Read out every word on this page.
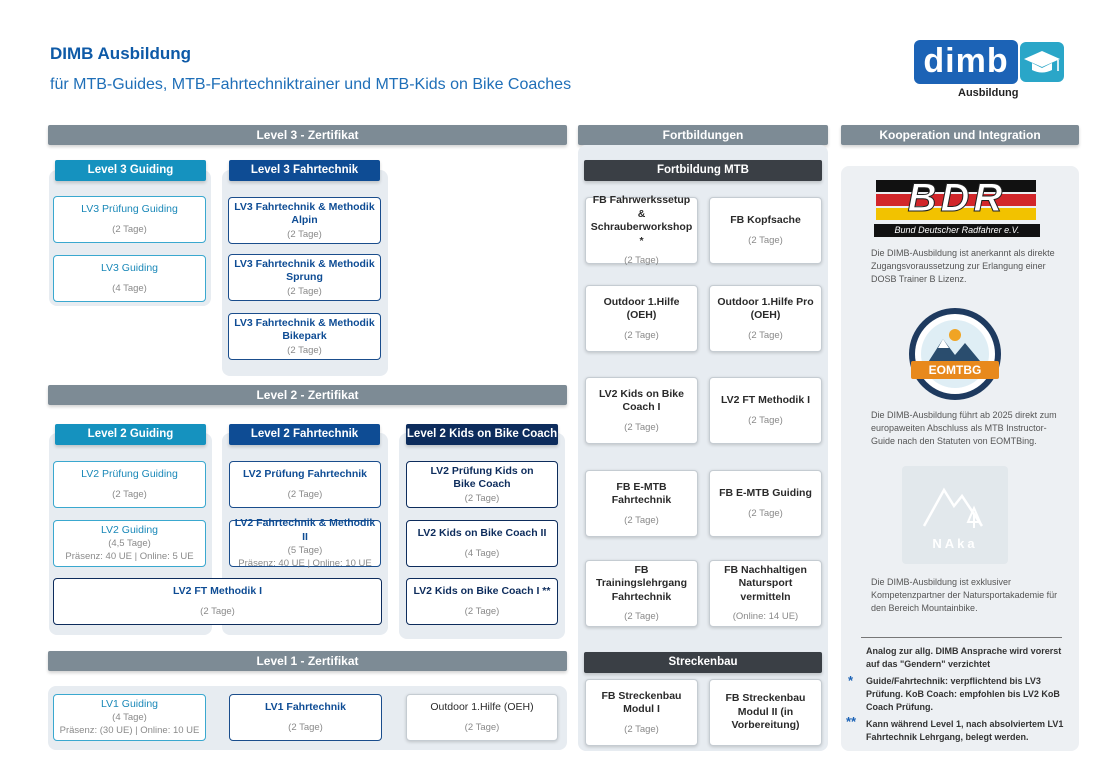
DIMB Ausbildung
für MTB-Guides, MTB-Fahrtechniktrainer und MTB-Kids on Bike Coaches
dimb
Ausbildung
Level 3 - Zertifikat	Fortbildungen	Kooperation und Integration
Level 2 - Zertifikat
Level 1 - Zertifikat
Level 3 Guiding	Level 3 Fahrtechnik
LV3 Prüfung Guiding
(2 Tage)
LV3 Guiding
(4 Tage)
LV3 Fahrtechnik & Methodik Alpin
(2 Tage)
LV3 Fahrtechnik & Methodik Sprung
(2 Tage)
LV3 Fahrtechnik & Methodik Bikepark
(2 Tage)
Level 2 Guiding	Level 2 Fahrtechnik	Level 2 Kids on Bike Coach
LV2 Prüfung Guiding
(2 Tage)
LV2 Prüfung Fahrtechnik
(2 Tage)
LV2 Prüfung Kids on Bike Coach
(2 Tage)
LV2 Guiding
(4,5 Tage)
Präsenz: 40 UE | Online: 5 UE
LV2 Fahrtechnik & Methodik II
(5 Tage)
Präsenz: 40 UE | Online: 10 UE
LV2 Kids on Bike Coach II
(4 Tage)
LV2 FT Methodik I
(2 Tage)
LV2 Kids on Bike Coach I **
(2 Tage)
LV1 Guiding
(4 Tage)
Präsenz: (30 UE) | Online: 10 UE
LV1 Fahrtechnik
(2 Tage)
Outdoor 1.Hilfe (OEH)
(2 Tage)
Fortbildung MTB
FB Fahrwerkssetup & Schrauberworkshop *
(2 Tage)
FB Kopfsache
(2 Tage)
Outdoor 1.Hilfe (OEH)
(2 Tage)
Outdoor 1.Hilfe Pro (OEH)
(2 Tage)
LV2 Kids on Bike Coach I
(2 Tage)
LV2 FT Methodik I
(2 Tage)
FB E-MTB Fahrtechnik
(2 Tage)
FB E-MTB Guiding
(2 Tage)
FB Trainingslehrgang Fahrtechnik
(2 Tage)
FB Nachhaltigen Natursport vermitteln
(Online: 14 UE)
Streckenbau
FB Streckenbau Modul I
(2 Tage)
FB Streckenbau Modul II (in Vorbereitung)
BDR
Bund Deutscher Radfahrer e.V.
Die DIMB-Ausbildung ist anerkannt als direkte Zugangsvoraussetzung zur Erlangung einer DOSB Trainer B Lizenz.
EOMTBG
Die DIMB-Ausbildung führt ab 2025 direkt zum europaweiten Abschluss als MTB Instructor-Guide nach den Statuten von EOMTBing.
NAka
Die DIMB-Ausbildung ist exklusiver Kompetenzpartner der Natursportakademie für den Bereich Mountainbike.
Analog zur allg. DIMB Ansprache wird vorerst auf das "Gendern" verzichtet
* Guide/Fahrtechnik: verpflichtend bis LV3 Prüfung. KoB Coach: empfohlen bis LV2 KoB Coach Prüfung.
** Kann während Level 1, nach absolviertem LV1 Fahrtechnik Lehrgang, belegt werden.
